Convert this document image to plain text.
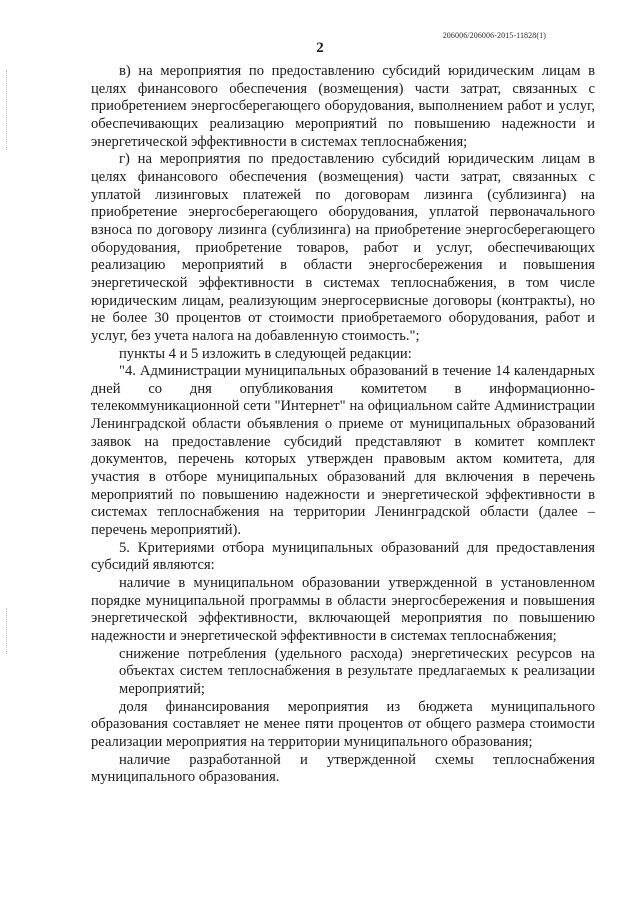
206006/206006-2015-11828(1)
2

в) на мероприятия по предоставлению субсидий юридическим лицам в целях финансового обеспечения (возмещения) части затрат, связанных с приобретением энергосберегающего оборудования, выполнением работ и услуг, обеспечивающих реализацию мероприятий по повышению надежности и энергетической эффективности в системах теплоснабжения;

г) на мероприятия по предоставлению субсидий юридическим лицам в целях финансового обеспечения (возмещения) части затрат, связанных с уплатой лизинговых платежей по договорам лизинга (сублизинга) на приобретение энергосберегающего оборудования, уплатой первоначального взноса по договору лизинга (сублизинга) на приобретение энергосберегающего оборудования, приобретение товаров, работ и услуг, обеспечивающих реализацию мероприятий в области энергосбережения и повышения энергетической эффективности в системах теплоснабжения, в том числе юридическим лицам, реализующим энергосервисные договоры (контракты), но не более 30 процентов от стоимости приобретаемого оборудования, работ и услуг, без учета налога на добавленную стоимость.";

пункты 4 и 5 изложить в следующей редакции:

"4. Администрации муниципальных образований в течение 14 календарных дней со дня опубликования комитетом в информационно-телекоммуникационной сети "Интернет" на официальном сайте Администрации Ленинградской области объявления о приеме от муниципальных образований заявок на предоставление субсидий представляют в комитет комплект документов, перечень которых утвержден правовым актом комитета, для участия в отборе муниципальных образований для включения в перечень мероприятий по повышению надежности и энергетической эффективности в системах теплоснабжения на территории Ленинградской области (далее – перечень мероприятий).

5. Критериями отбора муниципальных образований для предоставления субсидий являются:

наличие в муниципальном образовании утвержденной в установленном порядке муниципальной программы в области энергосбережения и повышения энергетической эффективности, включающей мероприятия по повышению надежности и энергетической эффективности в системах теплоснабжения;

снижение потребления (удельного расхода) энергетических ресурсов на объектах систем теплоснабжения в результате предлагаемых к реализации мероприятий;

доля финансирования мероприятия из бюджета муниципального образования составляет не менее пяти процентов от общего размера стоимости реализации мероприятия на территории муниципального образования;

наличие разработанной и утвержденной схемы теплоснабжения муниципального образования.
